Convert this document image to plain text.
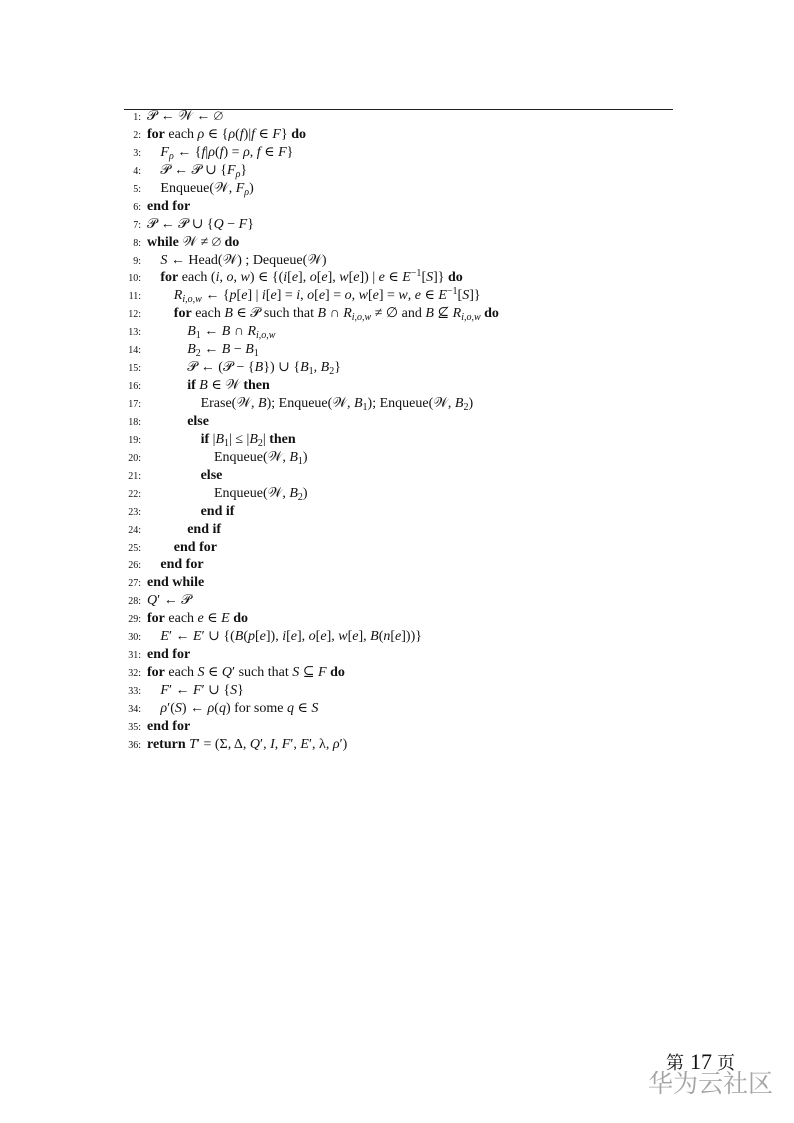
1: 𝒫 ← 𝒲 ← ∅
2: for each ρ ∈ {ρ(f)|f ∈ F} do
3: $F_\rho$ ← {f|ρ(f) = ρ, f ∈ F}
4: 𝒫 ← 𝒫 ∪ $\{F_\rho\}$
5: Enqueue(𝒲, $F_\rho$)
6: end for
7: 𝒫 ← 𝒫 ∪ {Q − F}
8: while 𝒲 ≠ ∅ do
9: S ← Head(𝒲) ; Dequeue(𝒲)
10: for each (i, o, w) ∈ {(i[e], o[e], w[e]) | e ∈ $E^{-1}[S]$} do
11: $R_{i,o,w}$ ← {p[e] | i[e] = i, o[e] = o, w[e] = w, e ∈ $E^{-1}[S]$}
12: for each B ∈ 𝒫 such that B ∩ $R_{i,o,w}$ ≠ ∅ and B ⊈ $R_{i,o,w}$ do
13:	$B_1$ ← B ∩ $R_{i,o,w}$
14:	$B_2$ ← $B - B_1$
15:	𝒫 ← (𝒫 − {B}) ∪ {$B_1$, $B_2$}
16:	if B ∈ 𝒲 then
17:	Erase(𝒲, B); Enqueue(𝒲, $B_1$); Enqueue(𝒲, $B_2$)
18:	else
19:	if $|B_1| \le |B_2|$ then
20:	Enqueue(𝒲, $B_1$)
21:	else
22:	Enqueue(𝒲, $B_2$)
23:	end if
24:	end if
25: end for
26: end for
27: end while
28: Q′ ← 𝒫
29: for each e ∈ E do
30: E′ ← E′ ∪ {(B(p[e]), i[e], o[e], w[e], B(n[e]))}
31: end for
32: for each S ∈ Q′ such that S ⊆ F do
33: F′ ← F′ ∪ {S}
34: ρ′(S) ← ρ(q) for some q ∈ S
35: end for
36: return T′ = (Σ, Δ, Q′, I, F′, E′, λ, ρ′)
第 17 页
华为云社区
